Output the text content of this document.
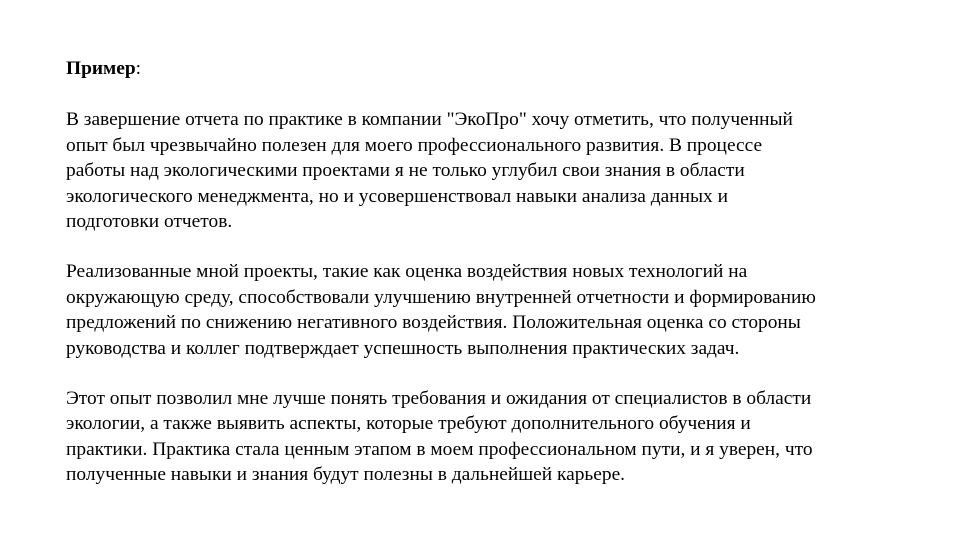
Пример:
В завершение отчета по практике в компании "ЭкоПро" хочу отметить, что полученный
опыт был чрезвычайно полезен для моего профессионального развития. В процессе
работы над экологическими проектами я не только углубил свои знания в области
экологического менеджмента, но и усовершенствовал навыки анализа данных и
подготовки отчетов.
Реализованные мной проекты, такие как оценка воздействия новых технологий на
окружающую среду, способствовали улучшению внутренней отчетности и формированию
предложений по снижению негативного воздействия. Положительная оценка со стороны
руководства и коллег подтверждает успешность выполнения практических задач.
Этот опыт позволил мне лучше понять требования и ожидания от специалистов в области
экологии, а также выявить аспекты, которые требуют дополнительного обучения и
практики. Практика стала ценным этапом в моем профессиональном пути, и я уверен, что
полученные навыки и знания будут полезны в дальнейшей карьере.
